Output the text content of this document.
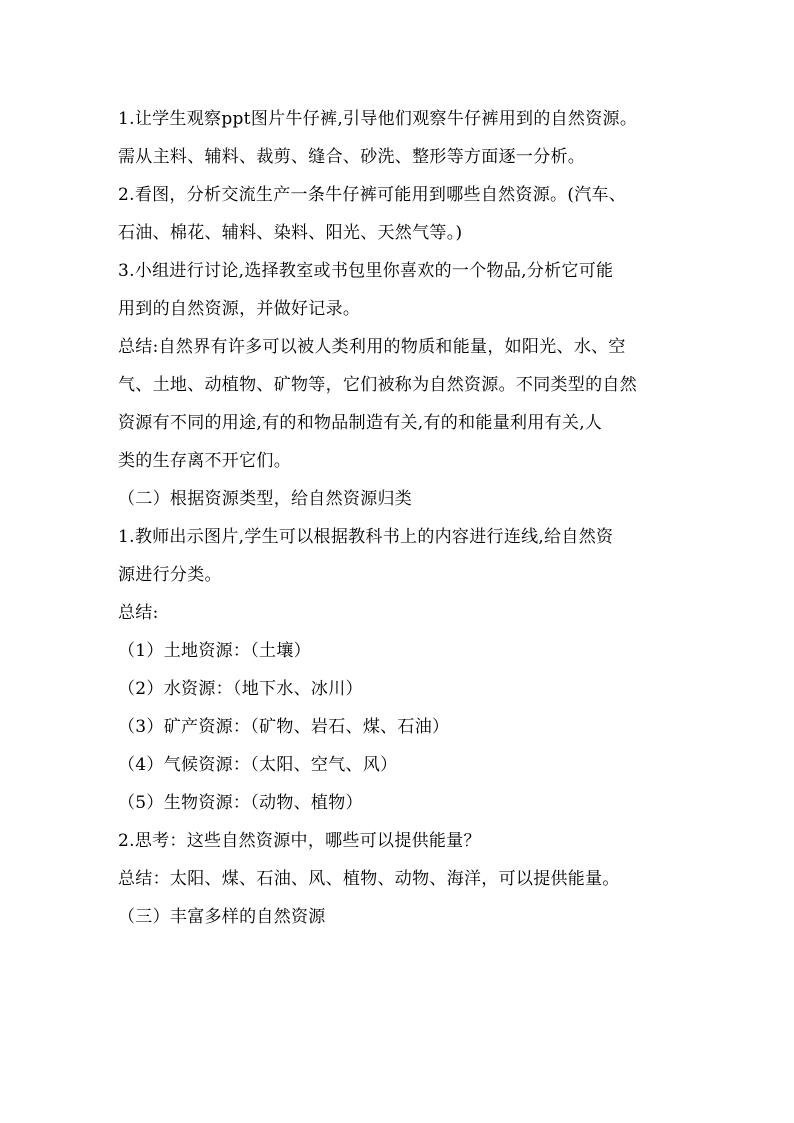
1.让学生观察ppt图片牛仔裤,引导他们观察牛仔裤用到的自然资源。
需从主料、辅料、裁剪、缝合、砂洗、整形等方面逐一分析。
2.看图，分析交流生产一条牛仔裤可能用到哪些自然资源。(汽车、
石油、棉花、辅料、染料、阳光、天然气等。)
3.小组进行讨论,选择教室或书包里你喜欢的一个物品,分析它可能
用到的自然资源，并做好记录。
总结:自然界有许多可以被人类利用的物质和能量，如阳光、水、空
气、土地、动植物、矿物等，它们被称为自然资源。不同类型的自然
资源有不同的用途,有的和物品制造有关,有的和能量利用有关,人
类的生存离不开它们。
（二）根据资源类型，给自然资源归类
1.教师出示图片,学生可以根据教科书上的内容进行连线,给自然资
源进行分类。
总结:
（1）土地资源：（土壤）
（2）水资源：（地下水、冰川）
（3）矿产资源：（矿物、岩石、煤、石油）
（4）气候资源：（太阳、空气、风）
（5）生物资源：（动物、植物）
2.思考：这些自然资源中，哪些可以提供能量？
总结：太阳、煤、石油、风、植物、动物、海洋，可以提供能量。
（三）丰富多样的自然资源
